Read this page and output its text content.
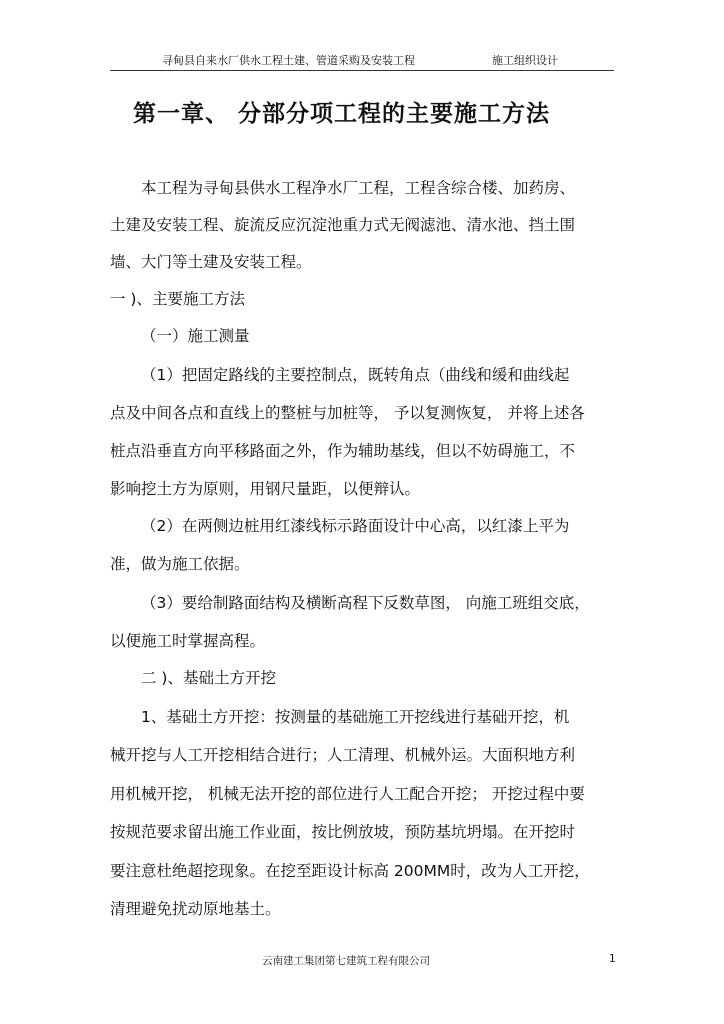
寻甸县自来水厂供水工程土建、管道采购及安装工程	施工组织设计
第一章、 分部分项工程的主要施工方法
本工程为寻甸县供水工程净水厂工程，工程含综合楼、加药房、
土建及安装工程、旋流反应沉淀池重力式无阀滤池、清水池、挡土围
墙、大门等土建及安装工程。
一 )、主要施工方法
（一）施工测量
（1）把固定路线的主要控制点，既转角点（曲线和缓和曲线起
点及中间各点和直线上的整桩与加桩等， 予以复测恢复， 并将上述各
桩点沿垂直方向平移路面之外，作为辅助基线，但以不妨碍施工，不
影响挖土方为原则，用钢尺量距，以便辩认。
（2）在两侧边桩用红漆线标示路面设计中心高，以红漆上平为
准，做为施工依据。
（3）要给制路面结构及横断高程下反数草图， 向施工班组交底，
以便施工时掌握高程。
二 )、基础土方开挖
1、基础土方开挖：按测量的基础施工开挖线进行基础开挖，机
械开挖与人工开挖相结合进行；人工清理、机械外运。大面积地方利
用机械开挖， 机械无法开挖的部位进行人工配合开挖； 开挖过程中要
按规范要求留出施工作业面，按比例放坡，预防基坑坍塌。在开挖时
要注意杜绝超挖现象。在挖至距设计标高 200MM时，改为人工开挖，
清理避免扰动原地基土。
云南建工集团第七建筑工程有限公司	1
